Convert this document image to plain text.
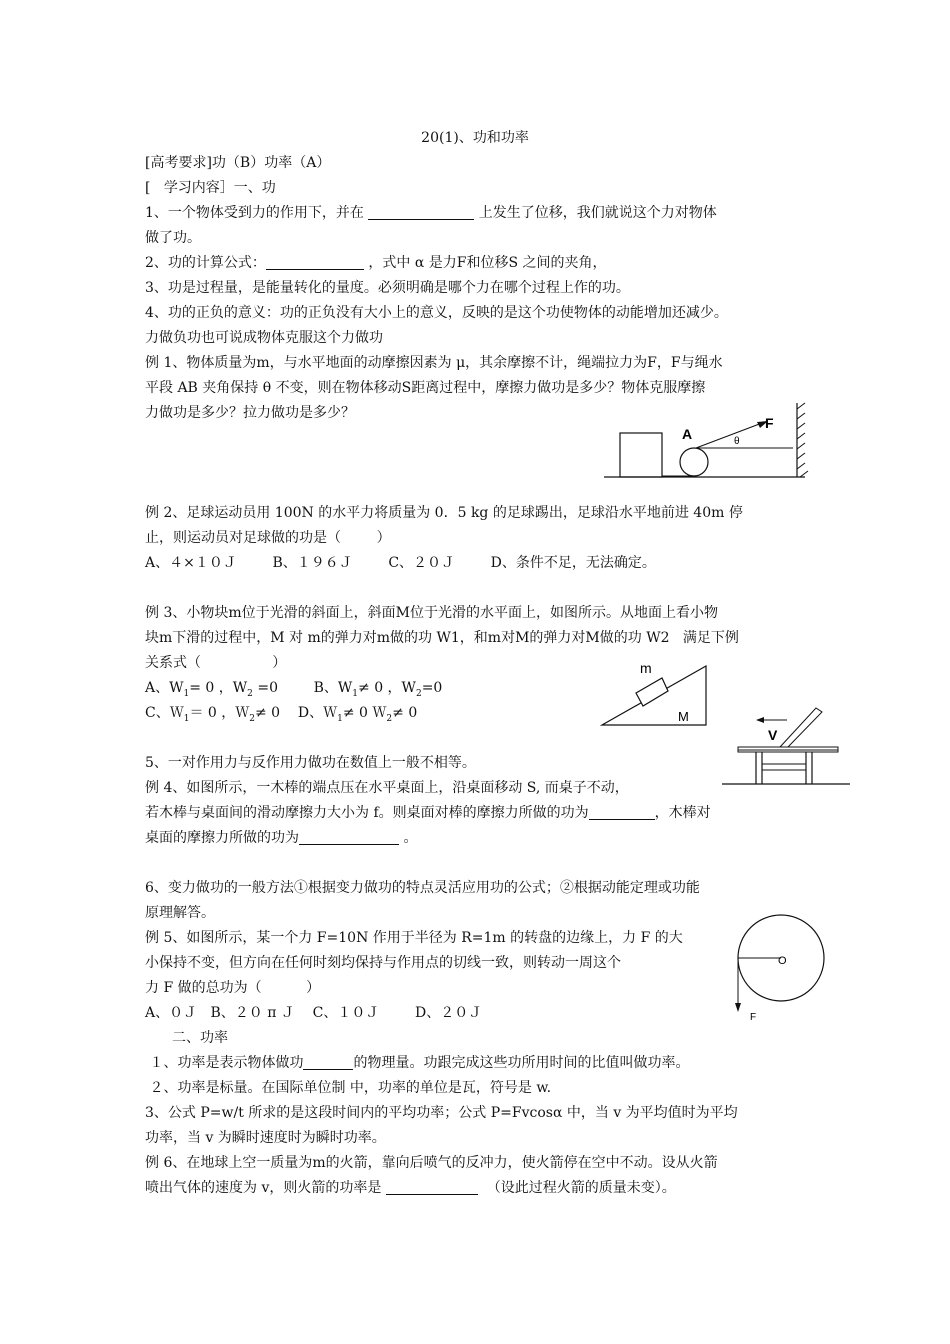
20(1)、功和功率
[高考要求]功（B）功率（A）
[   学习内容］一、功
1、一个物体受到力的作用下，并在	上发生了位移，我们就说这个力对物体
做了功。
2、功的计算公式：	，式中 α 是力F和位移S 之间的夹角，
3、功是过程量，是能量转化的量度。必须明确是哪个力在哪个过程上作的功。
4、功的正负的意义：功的正负没有大小上的意义，反映的是这个功使物体的动能增加还减少。
力做负功也可说成物体克服这个力做功
例 1、物体质量为m，与水平地面的动摩擦因素为 μ，其余摩擦不计，绳端拉力为F，F与绳水
平段 AB 夹角保持 θ 不变，则在物体移动S距离过程中，摩擦力做功是多少？物体克服摩擦
力做功是多少？拉力做功是多少？
A
F
θ
例 2、足球运动员用 100N 的水平力将质量为 0．5 kg 的足球踢出，足球沿水平地前进 40m 停
止，则运动员对足球做的功是（        ）
A、４×１０Ｊ        B、１９６Ｊ        C、２０Ｊ        D、条件不足，无法确定。
例 3、小物块m位于光滑的斜面上，斜面M位于光滑的水平面上，如图所示。从地面上看小物
块m下滑的过程中，M 对 m的弹力对m做的功 W1，和m对M的弹力对M做的功 W2   满足下例
关系式（                ）
A、$W_1= 0$ ，$W_2 =0$        B、$W_1\ne 0$ ，$W_2=0$
C、Ｗ$_1$＝ 0 ，Ｗ$_2$≠ 0    D、Ｗ$_1$≠ 0 Ｗ$_2$≠ 0
m
M
V
5、一对作用力与反作用力做功在数值上一般不相等。
例 4、如图所示，一木棒的端点压在水平桌面上，沿桌面移动 S, 而桌子不动，
若木棒与桌面间的滑动摩擦力大小为 f。则桌面对棒的摩擦力所做的功为	，木棒对
桌面的摩擦力所做的功为	。
6、变力做功的一般方法①根据变力做功的特点灵活应用功的公式；②根据动能定理或功能
原理解答。
例 5、如图所示，某一个力 F=10N 作用于半径为 R=1m 的转盘的边缘上，力 F 的大
小保持不变，但方向在任何时刻均保持与作用点的切线一致，则转动一周这个
力 F 做的总功为（          ）
A、０Ｊ   B、２０ π Ｊ    C、１０Ｊ        D、２０Ｊ
O
F
二、功率
１、功率是表示物体做功	的物理量。功跟完成这些功所用时间的比值叫做功率。
２、功率是标量。在国际单位制 中，功率的单位是瓦，符号是 w.
3、公式 P=w/t 所求的是这段时间内的平均功率；公式 P=Fvcosα 中，当 v 为平均值时为平均
功率，当 v 为瞬时速度时为瞬时功率。
例 6、在地球上空一质量为m的火箭，靠向后喷气的反冲力，使火箭停在空中不动。设从火箭
喷出气体的速度为 v，则火箭的功率是	（设此过程火箭的质量未变）。
